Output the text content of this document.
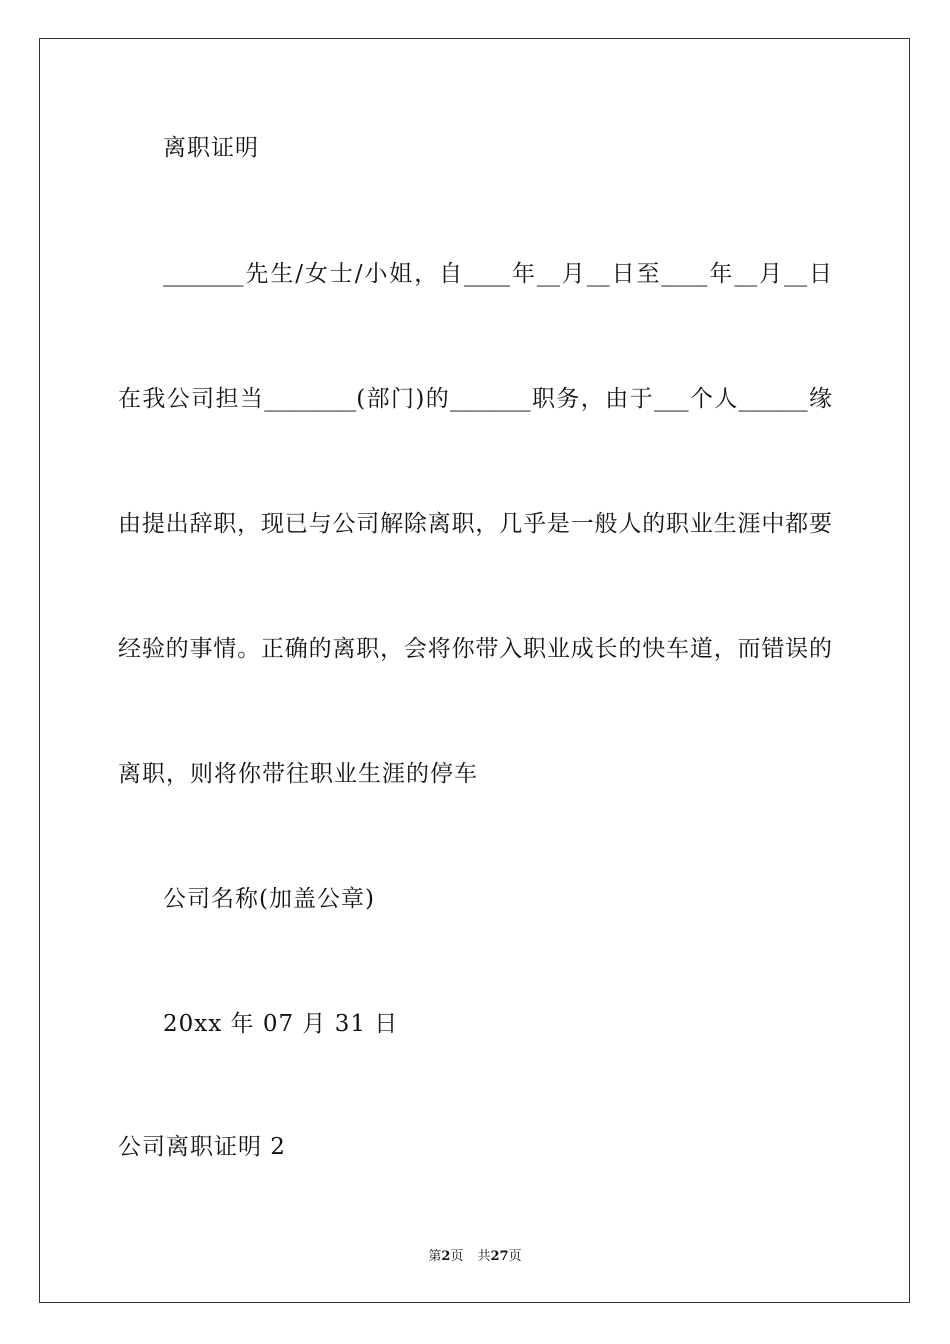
离职证明
_______先生/女士/小姐，自____年__月__日至____年__月__日
在我公司担当________(部门)的_______职务，由于___个人______缘
由提出辞职，现已与公司解除离职，几乎是一般人的职业生涯中都要
经验的事情。正确的离职，会将你带入职业成长的快车道，而错误的
离职，则将你带往职业生涯的停车
公司名称(加盖公章)
20xx 年 07 月 31 日
公司离职证明 2
第2页 共27页
